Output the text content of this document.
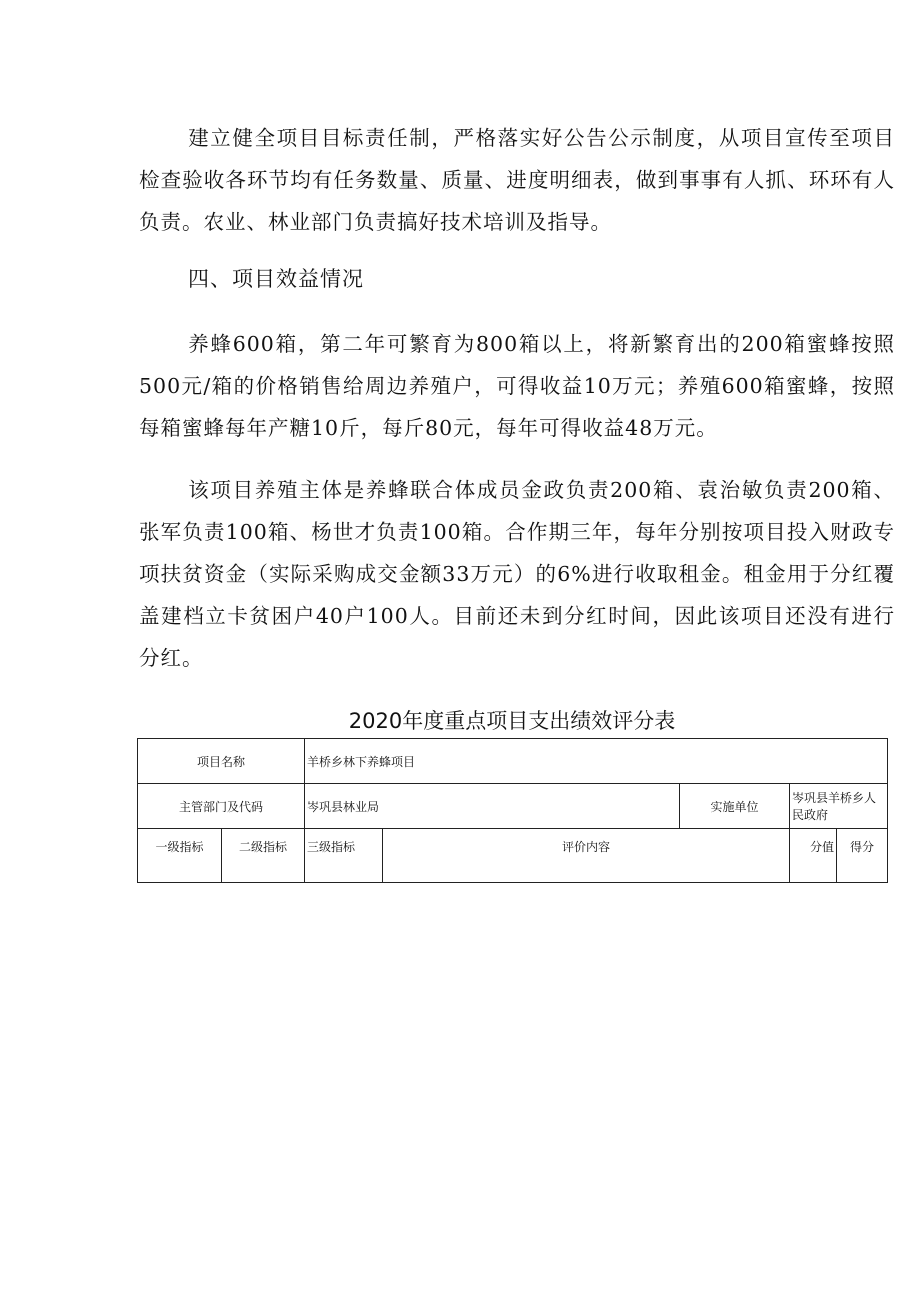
建立健全项目目标责任制，严格落实好公告公示制度，从项目宣传至项目检查验收各环节均有任务数量、质量、进度明细表，做到事事有人抓、环环有人负责。农业、林业部门负责搞好技术培训及指导。

四、项目效益情况

养蜂600箱，第二年可繁育为800箱以上，将新繁育出的200箱蜜蜂按照500元/箱的价格销售给周边养殖户，可得收益10万元；养殖600箱蜜蜂，按照每箱蜜蜂每年产糖10斤，每斤80元，每年可得收益48万元。

该项目养殖主体是养蜂联合体成员金政负责200箱、袁治敏负责200箱、张军负责100箱、杨世才负责100箱。合作期三年，每年分别按项目投入财政专项扶贫资金（实际采购成交金额33万元）的6%进行收取租金。租金用于分红覆盖建档立卡贫困户40户100人。目前还未到分红时间，因此该项目还没有进行分红。

2020年度重点项目支出绩效评分表
项目名称		羊桥乡林下养蜂项目				
主管部门及代码		岑巩县林业局		实施单位	岑巩县羊桥乡人民政府	
一级指标	二级指标	三级指标	评价内容		分值	得分
